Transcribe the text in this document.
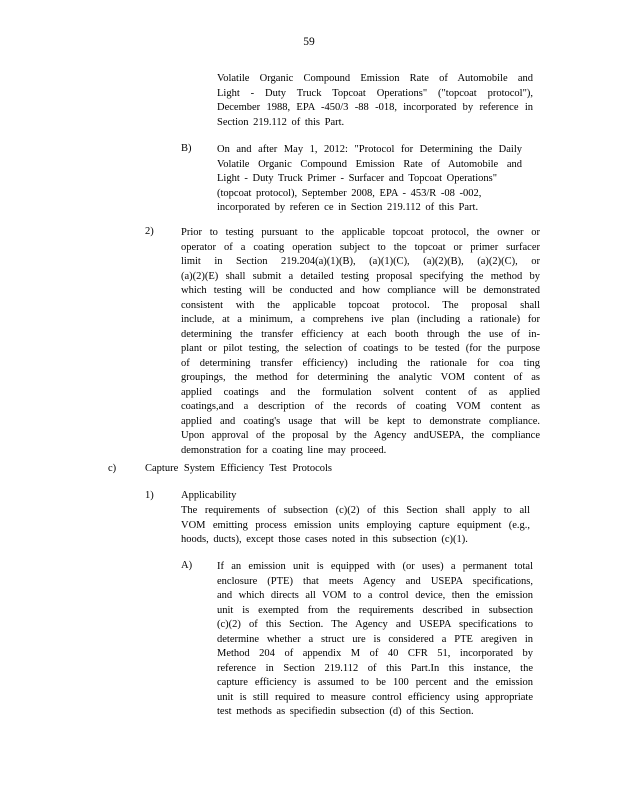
59
Volatile Organic Compound Emission Rate of Automobile and
Light - Duty Truck Topcoat Operations" ("topcoat protocol"),
December 1988, EPA -450/3 -88 -018, incorporated by reference in
Section 219.112 of this Part.
B) On and after May 1, 2012: "Protocol for Determining the Daily
Volatile Organic Compound Emission Rate of Automobile and
Light - Duty Truck Primer - Surfacer and Topcoat Operations"
(topcoat protocol), September 2008, EPA - 453/R -08 -002,
incorporated by referen ce in Section 219.112 of this Part.
2)	Prior to testing pursuant to the applicable topcoat protocol, the owner or
operator of a coating operation subject to the topcoat or primer surfacer
limit in Section 219.204(a)(1)(B), (a)(1)(C), (a)(2)(B), (a)(2)(C), or
(a)(2)(E) shall submit a detailed testing proposal specifying the method by
which testing will be conducted and how compliance will be demonstrated
consistent with the applicable topcoat protocol. The proposal shall
include, at a minimum, a comprehens ive plan (including a rationale) for
determining the transfer efficiency at each booth through the use of in-
plant or pilot testing, the selection of coatings to be tested (for the purpose
of determining transfer efficiency) including the rationale for coa ting
groupings, the method for determining the analytic VOM content of as
applied coatings and the formulation solvent content of as applied
coatings,and a description of the records of coating VOM content as
applied and coating's usage that will be kept to demonstrate compliance.
Upon approval of the proposal by the Agency andUSEPA, the compliance
demonstration for a coating line may proceed.
c)	Capture System Efficiency Test Protocols
1)	Applicability
The requirements of subsection (c)(2) of this Section shall apply to all
VOM emitting process emission units employing capture equipment (e.g.,
hoods, ducts), except those cases noted in this subsection (c)(1).
A) If an emission unit is equipped with (or uses) a permanent total
enclosure (PTE) that meets Agency and USEPA specifications,
and which directs all VOM to a control device, then the emission
unit is exempted from the requirements described in subsection
(c)(2) of this Section. The Agency and USEPA specifications to
determine whether a struct ure is considered a PTE aregiven in
Method 204 of appendix M of 40 CFR 51, incorporated by
reference in Section 219.112 of this Part.In this instance, the
capture efficiency is assumed to be 100 percent and the emission
unit is still required to measure control efficiency using appropriate
test methods as specifiedin subsection (d) of this Section.
